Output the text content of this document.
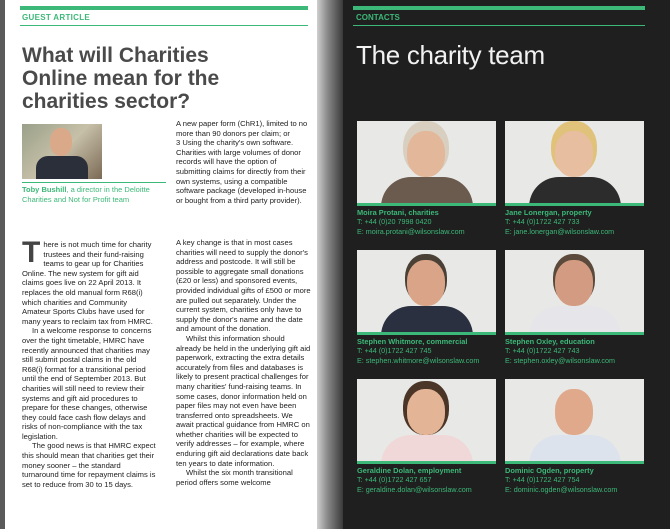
GUEST ARTICLE
What will Charities Online mean for the charities sector?
Toby Bushill, a director in the Deloitte Charities and Not for Profit team
T here is not much time for charity trustees and their fund-raising teams to gear up for Charities Online. The new system for gift aid claims goes live on 22 April 2013. It replaces the old manual form R68(i) which charities and Community Amateur Sports Clubs have used for many years to reclaim tax from HMRC.

In a welcome response to concerns over the tight timetable, HMRC have recently announced that charities may still submit postal claims in the old R68(i) format for a transitional period until the end of September 2013. But charities will still need to review their systems and gift aid procedures to prepare for these changes, otherwise they could face cash flow delays and risks of non-compliance with the tax legislation.

The good news is that HMRC expect this should mean that charities get their money sooner – the standard turnaround time for repayment claims is set to reduce from 30 to 15 days.

A new paper form (ChR1), limited to no more than 90 donors per claim; or

3 Using the charity's own software. Charities with large volumes of donor records will have the option of submitting claims for directly from their own systems, using a compatible software package (developed in-house or bought from a third party provider).

A key change is that in most cases charities will need to supply the donor's address and postcode. It will still be possible to aggregate small donations (£20 or less) and sponsored events, provided individual gifts of £500 or more are pulled out separately. Under the current system, charities only have to supply the donor's name and the date and amount of the donation.

Whilst this information should already be held in the underlying gift aid paperwork, extracting the extra details accurately from files and databases is likely to present practical challenges for many charities' fund-raising teams. In some cases, donor information held on paper files may not even have been transferred onto spreadsheets. We await practical guidance from HMRC on whether charities will be expected to verify addresses – for example, where enduring gift aid declarations date back ten years to date information.

Whilst the six month transitional period offers some welcome

CONTACTS
The charity team
Moira Protani, charities
T: +44 (0)20 7998 0420
E: moira.protani@wilsonslaw.com
Jane Lonergan, property
T: +44 (0)1722 427 733
E: jane.lonergan@wilsonslaw.com
Stephen Whitmore, commercial
T: +44 (0)1722 427 745
E: stephen.whitmore@wilsonslaw.com
Stephen Oxley, education
T: +44 (0)1722 427 743
E: stephen.oxley@wilsonslaw.com
Geraldine Dolan, employment
T: +44 (0)1722 427 657
E: geraldine.dolan@wilsonslaw.com
Dominic Ogden, property
T: +44 (0)1722 427 754
E: dominic.ogden@wilsonslaw.com
